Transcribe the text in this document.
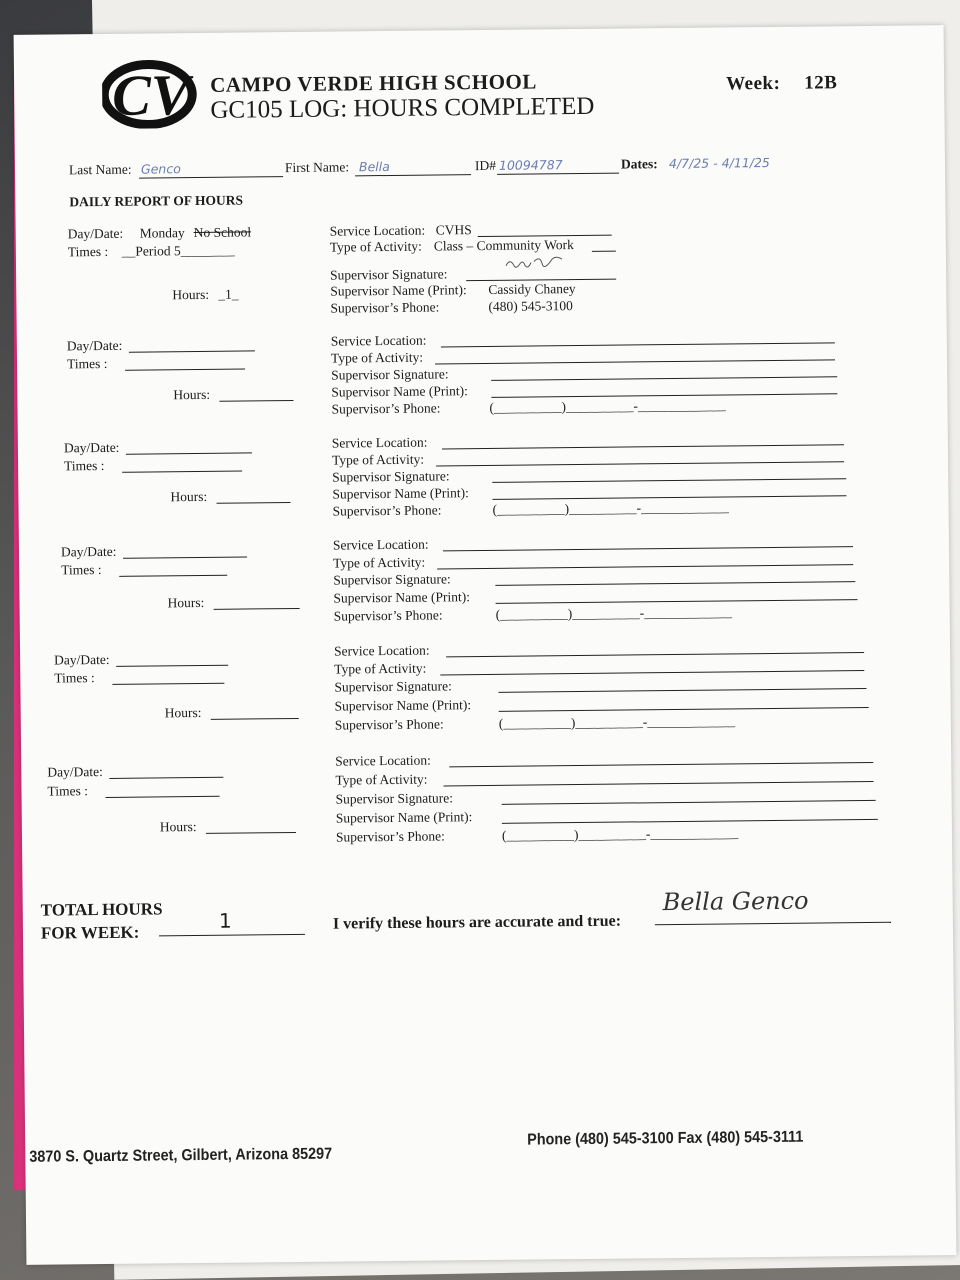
CV CAMPO VERDE HIGH SCHOOL
GC105 LOG: HOURS COMPLETED
Week: 12B
Last Name: Genco	First Name: Bella	ID# 10094787	Dates: 4/7/25 - 4/11/25
DAILY REPORT OF HOURS
Day/Date: Monday No School
Times : __Period 5________
Hours: _1_
Service Location: CVHS
Type of Activity: Class – Community Work
Supervisor Signature:
Supervisor Name (Print): Cassidy Chaney
Supervisor’s Phone:	(480) 545-3100
Day/Date:
Times :
Hours:
Service Location:
Type of Activity:
Supervisor Signature:
Supervisor Name (Print):
Supervisor’s Phone:	(__________)__________-_____________
Day/Date:
Times :
Hours:
Service Location:
Type of Activity:
Supervisor Signature:
Supervisor Name (Print):
Supervisor’s Phone:	(__________)__________-_____________
Day/Date:
Times :
Hours:
Service Location:
Type of Activity:
Supervisor Signature:
Supervisor Name (Print):
Supervisor’s Phone:	(__________)__________-_____________
Day/Date:
Times :
Hours:
Service Location:
Type of Activity:
Supervisor Signature:
Supervisor Name (Print):
Supervisor’s Phone:	(__________)__________-_____________
Day/Date:
Times :
Hours:
Service Location:
Type of Activity:
Supervisor Signature:
Supervisor Name (Print):
Supervisor’s Phone:	(__________)__________-_____________
TOTAL HOURS
FOR WEEK:	1	I verify these hours are accurate and true:
Bella Genco
3870 S. Quartz Street, Gilbert, Arizona 85297
Phone (480) 545-3100 Fax (480) 545-3111
